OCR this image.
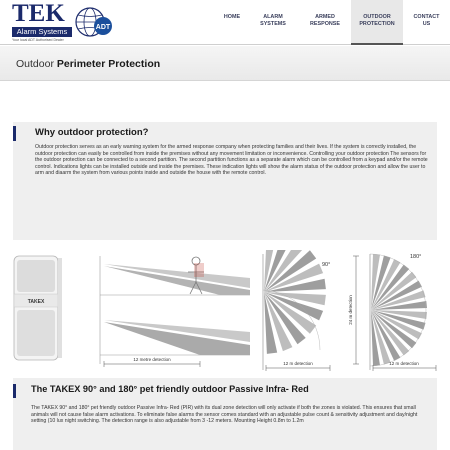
TEK
Alarm Systems
Your local ADT Authorised Dealer
ADT
HOME	ALARM
SYSTEMS
ARMED
RESPONSE
OUTDOOR
PROTECTION
CONTACT
US
Outdoor Perimeter Protection
Why outdoor protection?

Outdoor protection serves as an early warning system for the armed response company when protecting families and their lives. If the system is correctly installed, the outdoor protection can easily be controlled from inside the premises without any movement limitation or inconvenience. Controlling your outdoor protection The sensors for the outdoor protection can be connected to a second partition. The second partition functions as a separate alarm which can be controlled from a keypad and/or the remote control. Indications lights can be installed outside and inside the premises. These indication lights will show the alarm status of the outdoor protection and allow the user to arm and diaarm the system from various points inside and outside the house with the remote control.

TAKEX
12 metre detection
90°
12 m detection
24 m detection
180°
12 m detection
The TAKEX 90° and 180° pet friendly outdoor Passive Infra- Red

The TAKEX 90° and 180° pet friendly outdoor Passive Infra- Red (PIR) with its dual zone detection will only activate if both the zones is violated. This ensures that small animals will not cause false alarm activations. To eliminate false alarms the sensor comes standard with an adjustable pulse count & sensitivity adjustment and day/night setting (10 lux night switching. The detection range is also adjustable from 3 -12 meters. Mounting Height 0.8m to 1.2m
